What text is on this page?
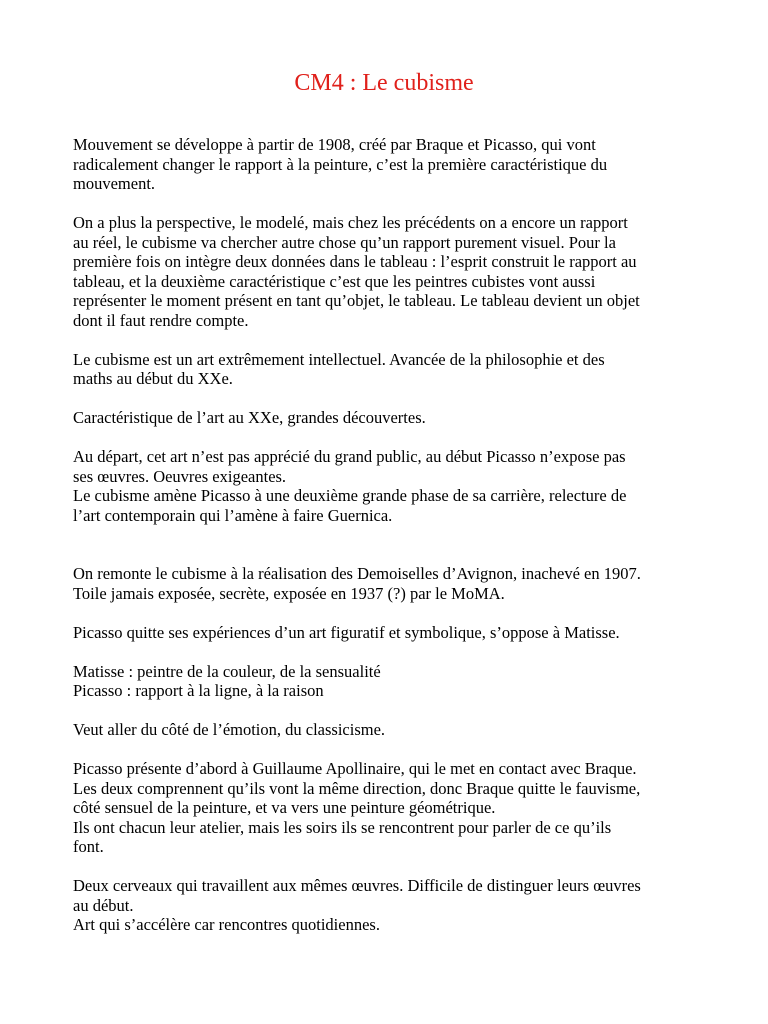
CM4 : Le cubisme

Mouvement se développe à partir de 1908, créé par Braque et Picasso, qui vont
radicalement changer le rapport à la peinture, c’est la première caractéristique du
mouvement.

On a plus la perspective, le modelé, mais chez les précédents on a encore un rapport
au réel, le cubisme va chercher autre chose qu’un rapport purement visuel. Pour la
première fois on intègre deux données dans le tableau : l’esprit construit le rapport au
tableau, et la deuxième caractéristique c’est que les peintres cubistes vont aussi
représenter le moment présent en tant qu’objet, le tableau. Le tableau devient un objet
dont il faut rendre compte.

Le cubisme est un art extrêmement intellectuel. Avancée de la philosophie et des
maths au début du XXe.

Caractéristique de l’art au XXe, grandes découvertes.

Au départ, cet art n’est pas apprécié du grand public, au début Picasso n’expose pas
ses œuvres. Oeuvres exigeantes.
Le cubisme amène Picasso à une deuxième grande phase de sa carrière, relecture de
l’art contemporain qui l’amène à faire Guernica.

On remonte le cubisme à la réalisation des Demoiselles d’Avignon, inachevé en 1907.
Toile jamais exposée, secrète, exposée en 1937 (?) par le MoMA.

Picasso quitte ses expériences d’un art figuratif et symbolique, s’oppose à Matisse.

Matisse : peintre de la couleur, de la sensualité
Picasso : rapport à la ligne, à la raison

Veut aller du côté de l’émotion, du classicisme.

Picasso présente d’abord à Guillaume Apollinaire, qui le met en contact avec Braque.
Les deux comprennent qu’ils vont la même direction, donc Braque quitte le fauvisme,
côté sensuel de la peinture, et va vers une peinture géométrique.
Ils ont chacun leur atelier, mais les soirs ils se rencontrent pour parler de ce qu’ils
font.

Deux cerveaux qui travaillent aux mêmes œuvres. Difficile de distinguer leurs œuvres
au début.
Art qui s’accélère car rencontres quotidiennes.
